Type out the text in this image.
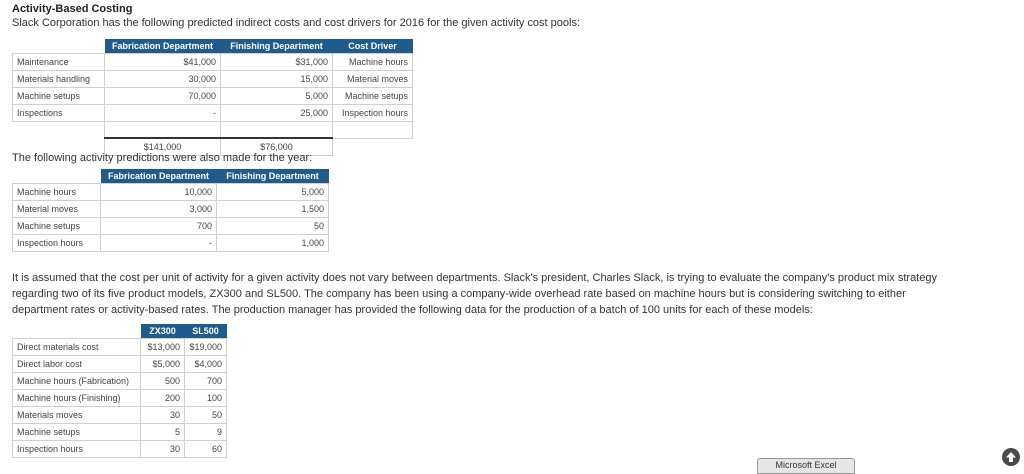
Activity-Based Costing
Slack Corporation has the following predicted indirect costs and cost drivers for 2016 for the given activity cost pools:
	Fabrication Department	Finishing Department	Cost Driver
Maintenance	$41,000	$31,000	Machine hours
Materials handling	30,000	15,000	Material moves
Machine setups	70,000	5,000	Machine setups
Inspections	-	25,000	Inspection hours

	$141,000	$76,000	
The following activity predictions were also made for the year:
	Fabrication Department	Finishing Department
Machine hours	10,000	5,000
Material moves	3,000	1,500
Machine setups	700	50
Inspection hours	-	1,000
It is assumed that the cost per unit of activity for a given activity does not vary between departments. Slack's president, Charles Slack, is trying to evaluate the company's product mix strategy
regarding two of its five product models, ZX300 and SL500. The company has been using a company-wide overhead rate based on machine hours but is considering switching to either
department rates or activity-based rates. The production manager has provided the following data for the production of a batch of 100 units for each of these models:
	ZX300	SL500
Direct materials cost	$13,000	$19,000
Direct labor cost	$5,000	$4,000
Machine hours (Fabrication)	500	700
Machine hours (Finishing)	200	100
Materials moves	30	50
Machine setups	5	9
Inspection hours	30	60
Microsoft Excel
